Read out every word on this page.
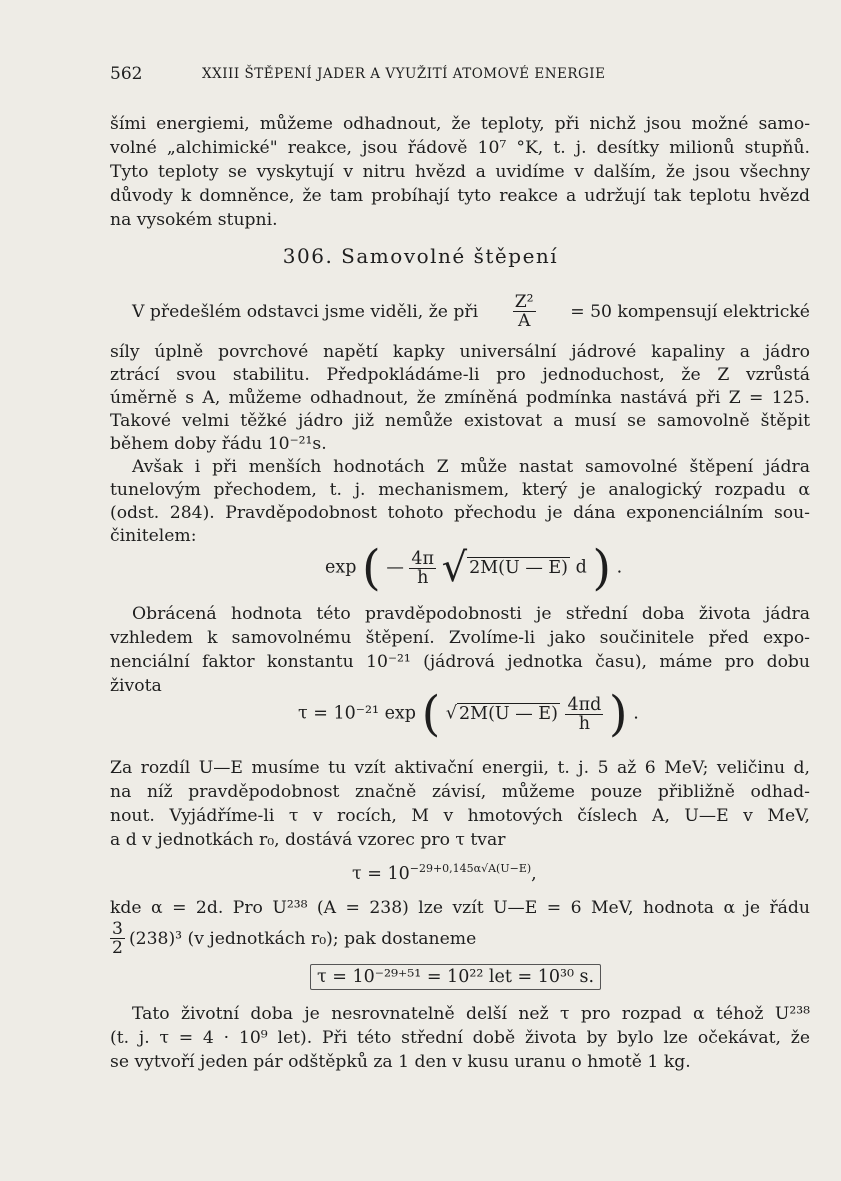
562	XXIII ŠTĚPENÍ JADER A VYUŽITÍ ATOMOVÉ ENERGIE
šími energiemi, můžeme odhadnout, že teploty, při nichž jsou možné samo-
volné „alchimické" reakce, jsou řádově 10⁷ °K, t. j. desítky milionů stupňů.
Tyto teploty se vyskytují v nitru hvězd a uvidíme v dalším, že jsou všechny
důvody k domněnce, že tam probíhají tyto reakce a udržují tak teplotu hvězd
na vysokém stupni.
306. Samovolné štěpení
V předešlém odstavci jsme viděli, že při $\frac{\text{Z²}}{A} = 50$ kompensují elektrické
síly úplně povrchové napětí kapky universální jádrové kapaliny a jádro
ztrácí svou stabilitu. Předpokládáme-li pro jednoduchost, že Z vzrůstá
úměrně s A, můžeme odhadnout, že zmíněná podmínka nastává při Z = 125.
Takové velmi těžké jádro již nemůže existovat a musí se samovolně štěpit
během doby řádu 10⁻²¹s.
Avšak i při menších hodnotách Z může nastat samovolné štěpení jádra
tunelovým přechodem, t. j. mechanismem, který je analogický rozpadu α
(odst. 284). Pravděpodobnost tohoto přechodu je dána exponenciálním sou-
činitelem:
exp ( — $\frac{4\pi}{h}$ √ 2M(U — E) d ) .
Obrácená hodnota této pravděpodobnosti je střední doba života jádra
vzhledem k samovolnému štěpení. Zvolíme-li jako součinitele před expo-
nenciální faktor konstantu 10⁻²¹ (jádrová jednotka času), máme pro dobu
života
τ = 10⁻²¹ exp ( √ 2M(U — $E) \frac{4\pi d}{h}$ ) .
Za rozdíl U—E musíme tu vzít aktivační energii, t. j. 5 až 6 MeV; veličinu d,
na níž pravděpodobnost značně závisí, můžeme pouze přibližně odhad-
nout. Vyjádříme-li τ v rocích, M v hmotových číslech A, U—E v MeV,
a d v jednotkách r₀, dostává vzorec pro τ tvar
$\tau = 10^{-29+0,145\alpha√A(U-E)}$,
kde α = 2d. Pro U²³⁸ (A = 238) lze vzít U—E = 6 MeV, hodnota α je řádu
$\frac{3}{2} (238)^3$ (v jednotkách r₀); pak dostaneme
τ = 10⁻²⁹⁺⁵¹ = 10²² let = 10³⁰ s.
Tato životní doba je nesrovnatelně delší než τ pro rozpad α téhož U²³⁸
(t. j. τ = 4 · 10⁹ let). Při této střední době života by bylo lze očekávat, že
se vytvoří jeden pár odštěpků za 1 den v kusu uranu o hmotě 1 kg.
